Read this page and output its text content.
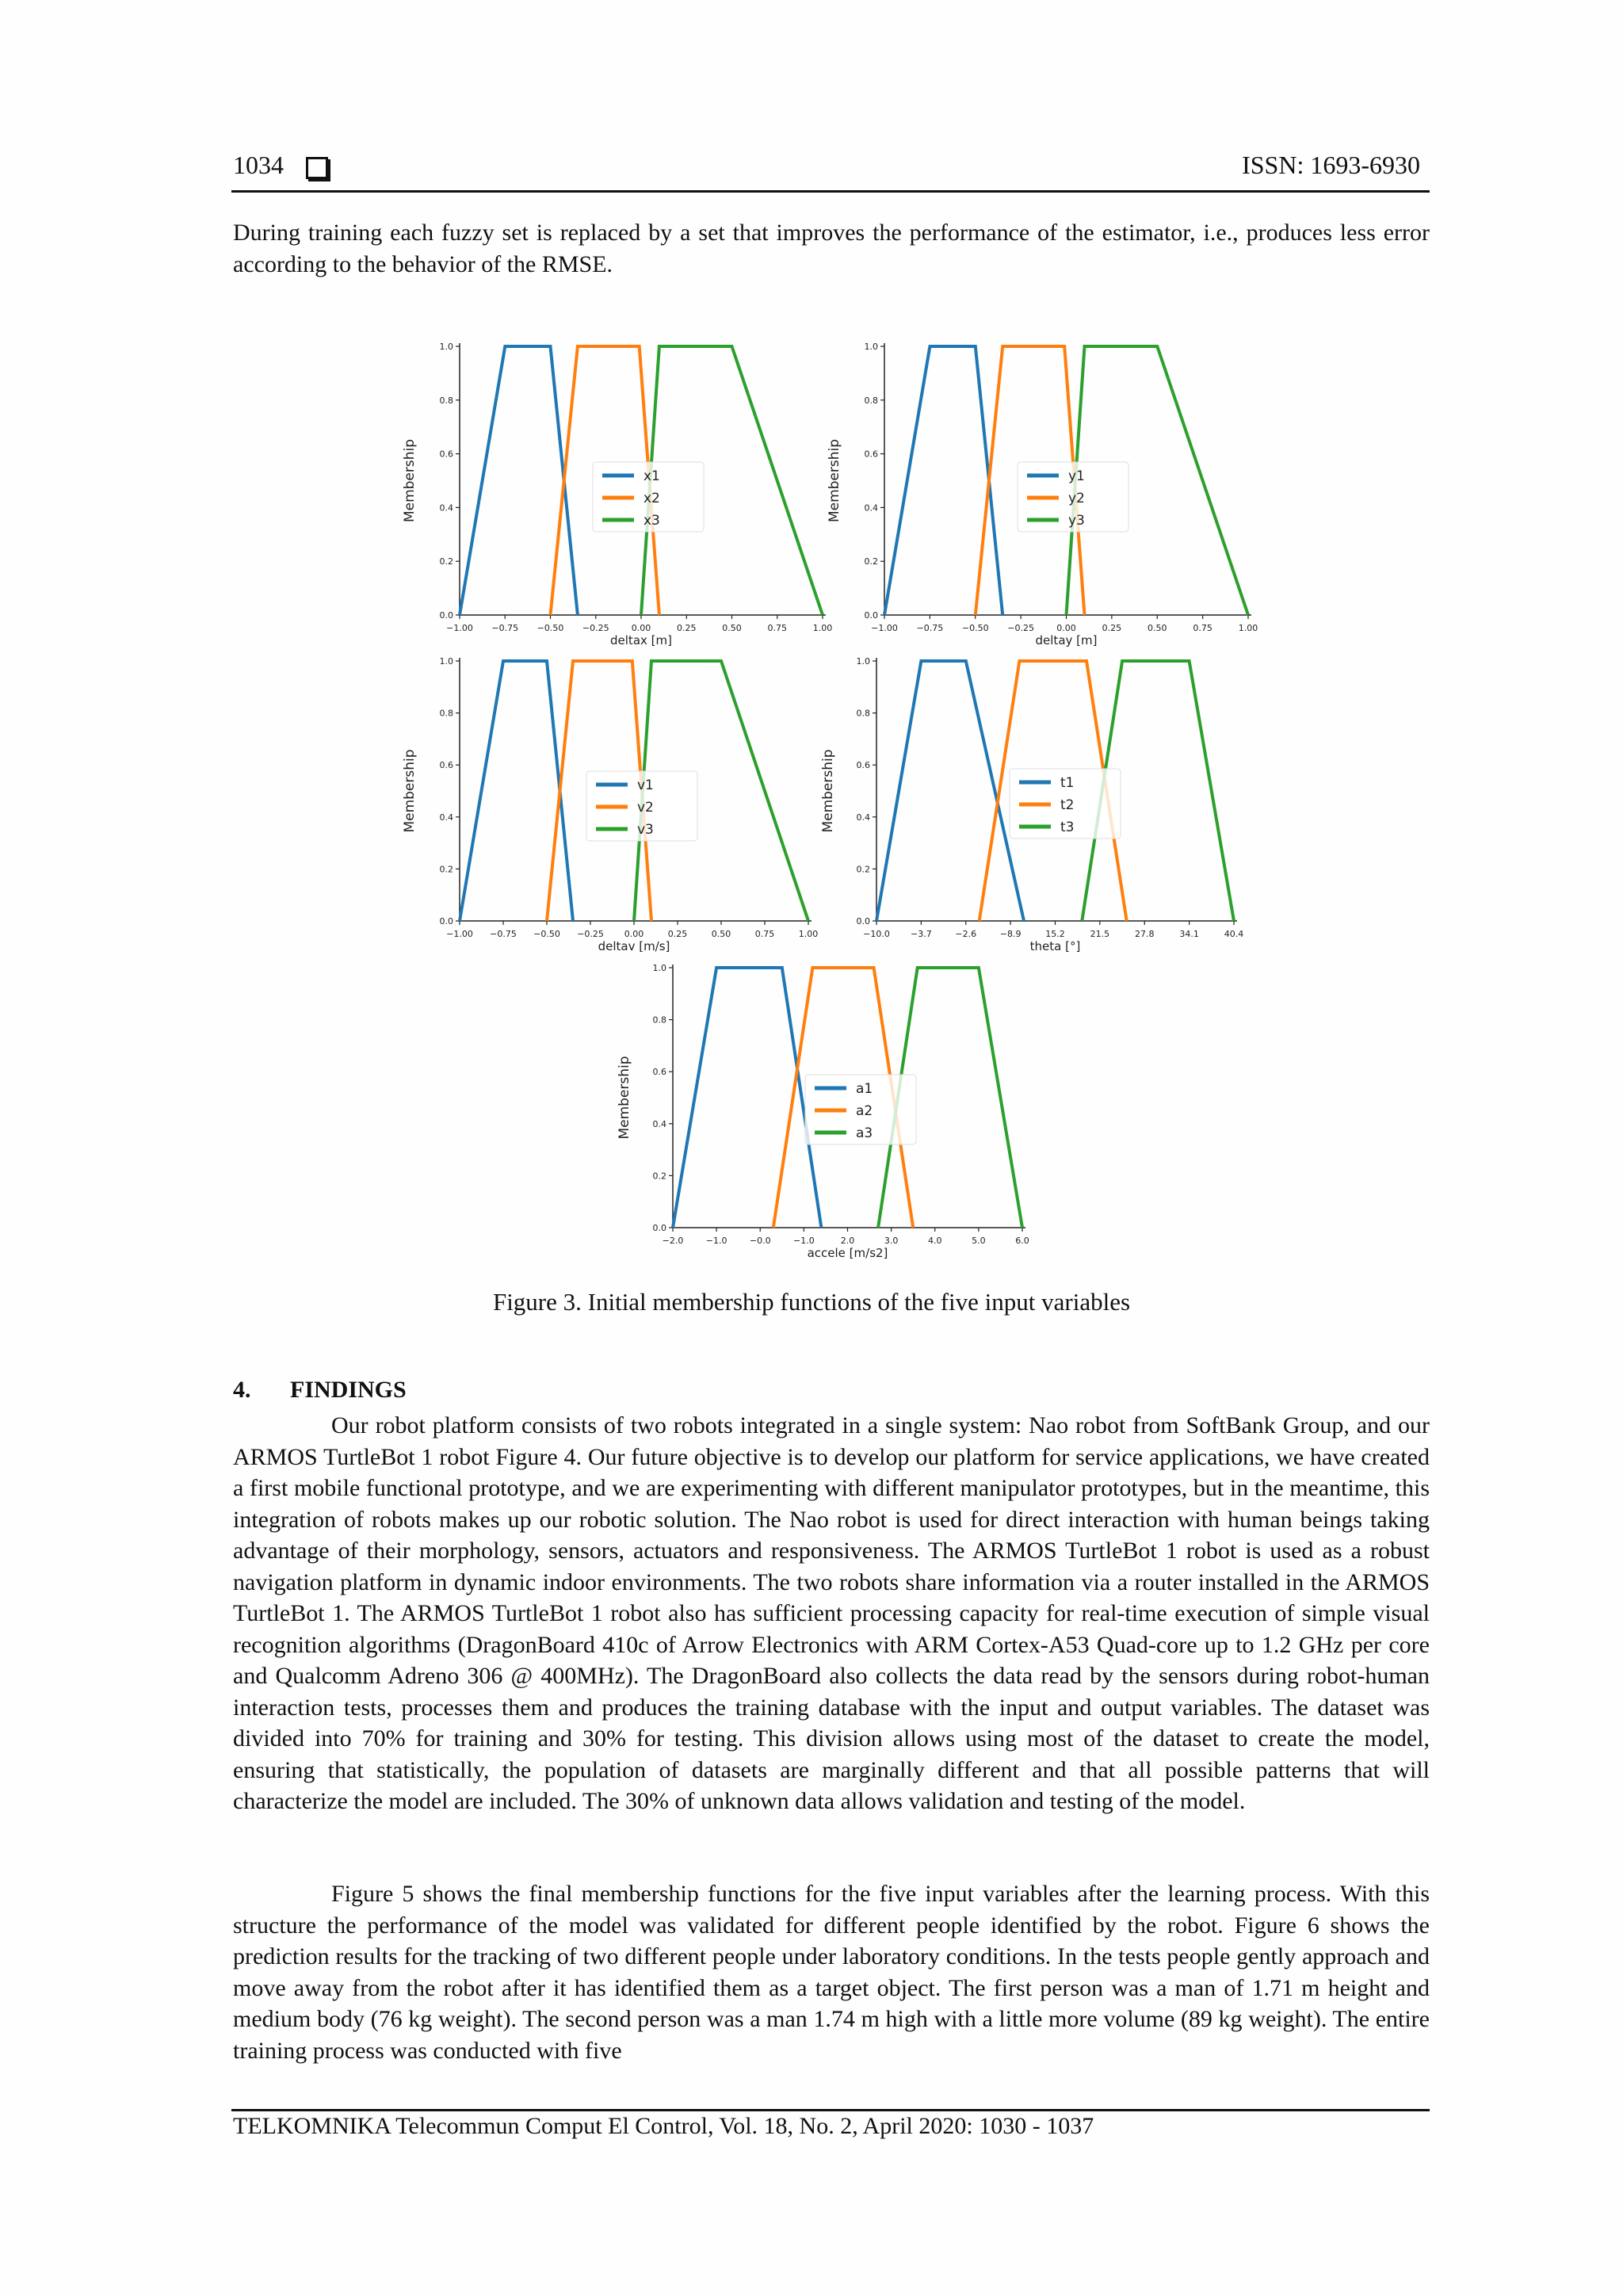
1034	ISSN: 1693-6930

During training each fuzzy set is replaced by a set that improves the performance of the estimator, i.e., produces less error according to the behavior of the RMSE.

−1.00 −0.75 −0.50 −0.25	0.00	0.25	0.50	0.75	1.00
0.0
0.2
0.4
0.6
0.8
1.0
deltax [m]
Membership	x1
x2
x3
−1.00 −0.75 −0.50 −0.25	0.00	0.25	0.50	0.75	1.00
0.0
0.2
0.4
0.6
0.8
1.0
deltay [m]
Membership	y1
y2
y3
−1.00 −0.75 −0.50 −0.25 0.00	0.25	0.50	0.75	1.00
0.0
0.2
0.4
0.6
0.8
1.0
deltav [m/s]
Membership	v1
v2
v3
−10.0 −3.7	−2.6	−8.9	15.2	21.5	27.8	34.1	40.4
0.0
0.2
0.4
0.6
0.8
1.0
theta [°]
Membership	t1
t2
t3
−2.0	−1.0	−0.0	−1.0	2.0	3.0	4.0	5.0	6.0
0.0
0.2
0.4
0.6
0.8
1.0
accele [m/s2]
Membership	a1
a2
a3
Figure 3. Initial membership functions of the five input variables
4. FINDINGS

Our robot platform consists of two robots integrated in a single system: Nao robot from SoftBank Group, and our ARMOS TurtleBot 1 robot Figure 4. Our future objective is to develop our platform for service applications, we have created a first mobile functional prototype, and we are experimenting with different manipulator prototypes, but in the meantime, this integration of robots makes up our robotic solution. The Nao robot is used for direct interaction with human beings taking advantage of their morphology, sensors, actuators and responsiveness. The ARMOS TurtleBot 1 robot is used as a robust navigation platform in dynamic indoor environments. The two robots share information via a router installed in the ARMOS TurtleBot 1. The ARMOS TurtleBot 1 robot also has sufficient processing capacity for real-time execution of simple visual recognition algorithms (DragonBoard 410c of Arrow Electronics with ARM Cortex-A53 Quad-core up to 1.2 GHz per core and Qualcomm Adreno 306 @ 400MHz). The DragonBoard also collects the data read by the sensors during robot-human interaction tests, processes them and produces the training database with the input and output variables. The dataset was divided into 70% for training and 30% for testing. This division allows using most of the dataset to create the model, ensuring that statistically, the population of datasets are marginally different and that all possible patterns that will characterize the model are included. The 30% of unknown data allows validation and testing of the model.

Figure 5 shows the final membership functions for the five input variables after the learning process. With this structure the performance of the model was validated for different people identified by the robot. Figure 6 shows the prediction results for the tracking of two different people under laboratory conditions. In the tests people gently approach and move away from the robot after it has identified them as a target object. The first person was a man of 1.71 m height and medium body (76 kg weight). The second person was a man 1.74 m high with a little more volume (89 kg weight). The entire training process was conducted with five

TELKOMNIKA Telecommun Comput El Control, Vol. 18, No. 2, April 2020: 1030 - 1037
